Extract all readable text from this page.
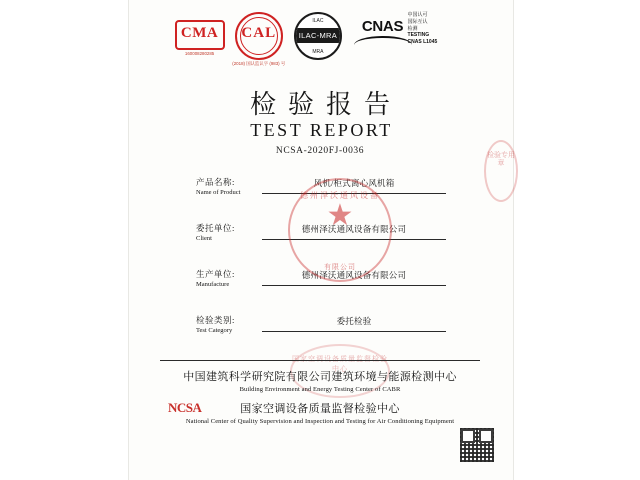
CMA
160008280285
CAL
(2018) 国认监认字 (983) 号
ILAC
ILAC-MRA
MRA
CNAS
中国认可
国际互认
检测
TESTING
CNAS L1045
检验报告
TEST REPORT
NCSA-2020FJ-0036
产品名称:
Name of Product
风机/柜式离心风机箱
委托单位:
Client
德州泽沃通风设备有限公司
生产单位:
Manufacture
德州泽沃通风设备有限公司
检验类别:
Test Category
委托检验
德州泽沃通风设备
有限公司
检验专用章
国家空调设备质量监督检验中心
中国建筑科学研究院有限公司建筑环境与能源检测中心
Building Environment and Energy Testing Center of CABR
国家空调设备质量监督检验中心
National Center of Quality Supervision and Inspection and Testing for Air Conditioning Equipment
NCSA
